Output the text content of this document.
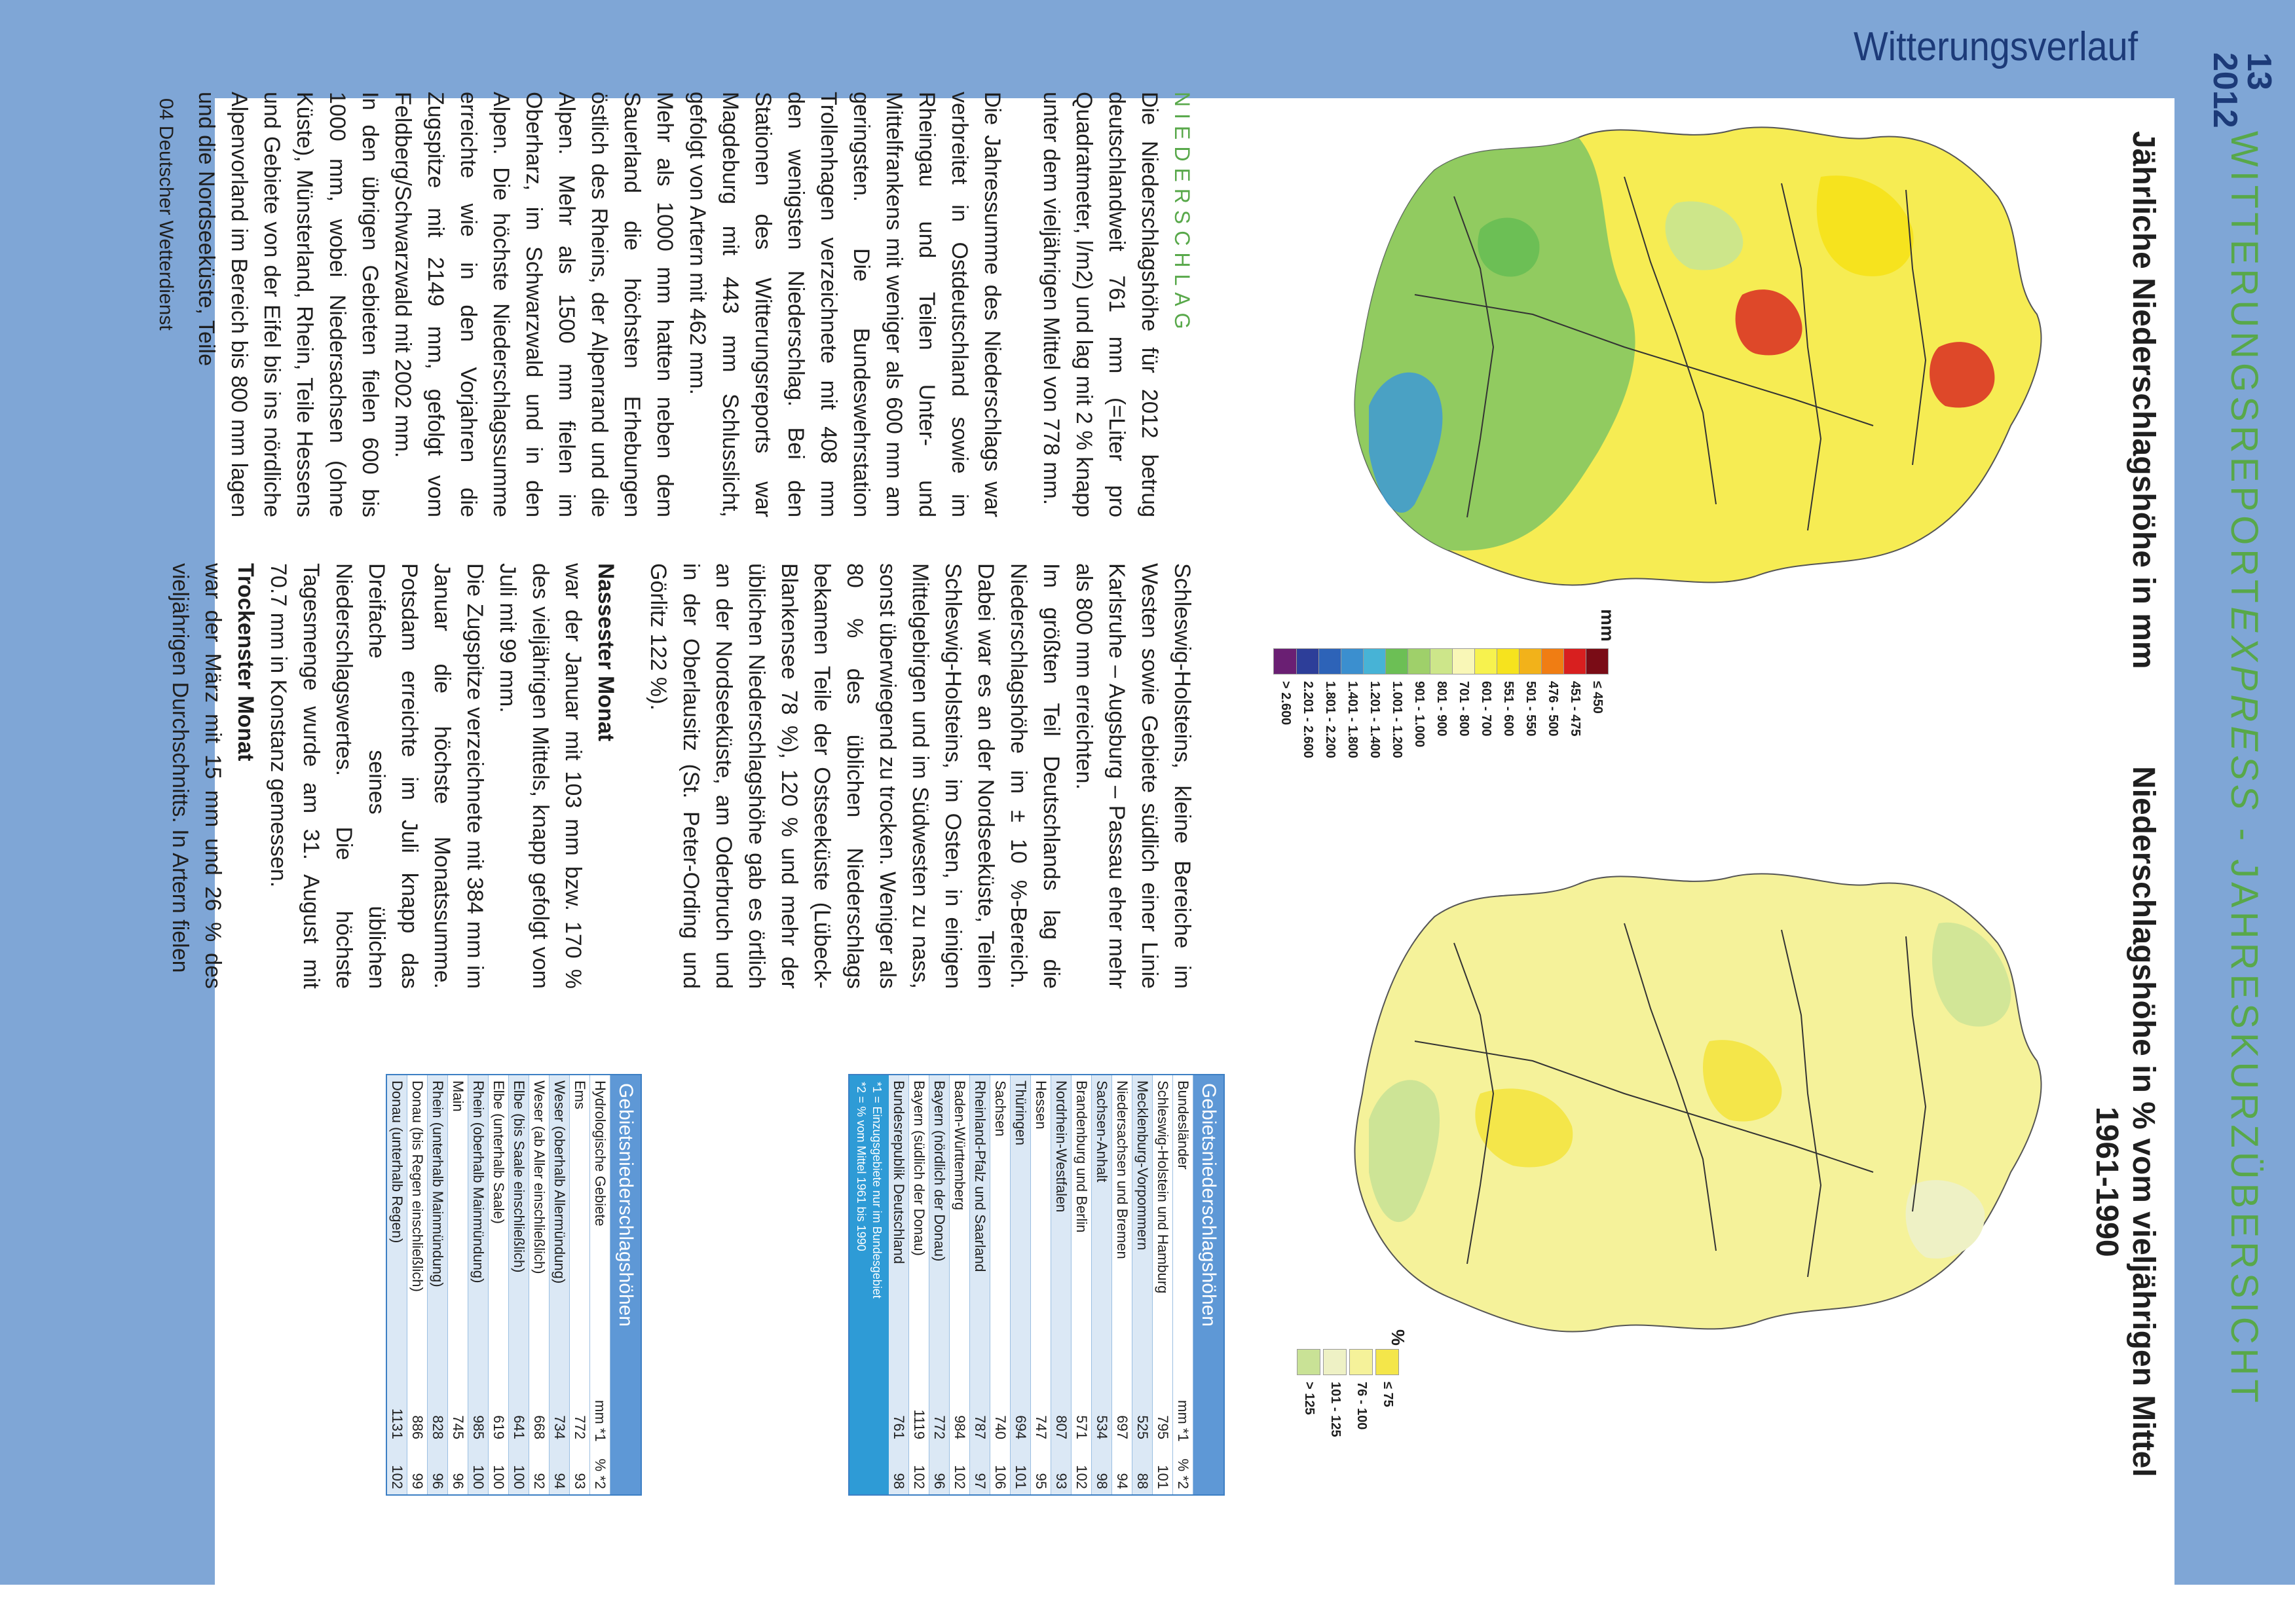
WITTERUNGSREPORTEXPRESS - JAHRESKURZÜBERSICHT
13
2012
Witterungsverlauf
Jährliche Niederschlagshöhe in mm
Niederschlagshöhe in % vom vieljährigen Mittel
1961-1990
mm
≤ 450
451 - 475
476 - 500
501 - 550
551 - 600
601 - 700
701 - 800
801 - 900
901 - 1.000
1.001 - 1.200
1.201 - 1.400
1.401 - 1.800
1.801 - 2.200
2.201 - 2.600
> 2.600
%
≤ 75
76 - 100
101 - 125
> 125

NIEDERSCHLAG

Die Niederschlagshöhe für 2012 betrug deutschlandweit 761 mm (=Liter pro Quadratmeter, l/m2) und lag mit 2 % knapp unter dem vieljährigen Mittel von 778 mm.

Die Jahressumme des Niederschlags war verbreitet in Ostdeutschland sowie im Rheingau und Teilen Unter- und Mittelfrankens mit weniger als 600 mm am geringsten. Die Bundeswehrstation Trollenhagen verzeichnete mit 408 mm den wenigsten Niederschlag. Bei den Stationen des Witterungsreports war Magdeburg mit 443 mm Schlusslicht, gefolgt von Artern mit 462 mm.

Mehr als 1000 mm hatten neben dem Sauerland die höchsten Erhebungen östlich des Rheins, der Alpenrand und die Alpen. Mehr als 1500 mm fielen im Oberharz, im Schwarzwald und in den Alpen. Die höchste Niederschlagssumme erreichte wie in den Vorjahren die Zugspitze mit 2149 mm, gefolgt vom Feldberg/Schwarzwald mit 2002 mm.

In den übrigen Gebieten fielen 600 bis 1000 mm, wobei Niedersachsen (ohne Küste), Münsterland, Rhein, Teile Hessens und Gebiete von der Eifel bis ins nördliche Alpenvorland im Bereich bis 800 mm lagen und die Nordseeküste, Teile

Schleswig-Holsteins, kleine Bereiche im Westen sowie Gebiete südlich einer Linie Karlsruhe – Augsburg – Passau eher mehr als 800 mm erreichten.

Im größten Teil Deutschlands lag die Niederschlagshöhe im ± 10 %-Bereich. Dabei war es an der Nordseeküste, Teilen Schleswig-Holsteins, im Osten, in einigen Mittelgebirgen und im Südwesten zu nass, sonst überwiegend zu trocken. Weniger als 80 % des üblichen Niederschlags bekamen Teile der Ostseeküste (Lübeck-Blankensee 78 %), 120 % und mehr der üblichen Niederschlagshöhe gab es örtlich an der Nordseeküste, am Oderbruch und in der Oberlausitz (St. Peter-Ording und Görlitz 122 %).

Nassester Monat

war der Januar mit 103 mm bzw. 170 % des vieljährigen Mittels, knapp gefolgt vom Juli mit 99 mm.

Die Zugspitze verzeichnete mit 384 mm im Januar die höchste Monatssumme. Potsdam erreichte im Juli knapp das Dreifache seines üblichen Niederschlagswertes. Die höchste Tagesmenge wurde am 31. August mit 70.7 mm in Konstanz gemessen.

Trockenster Monat

war der März mit 15 mm und 26 % des vieljährigen Durchschnitts. In Artern fielen

Gebietsniederschlagshöhen
Bundesländer
mm *1
% *2
Schleswig-Holstein und Hamburg
795
101
Mecklenburg-Vorpommern
525
88
Niedersachsen und Bremen
697
94
Sachsen-Anhalt
534
98
Brandenburg und Berlin
571
102
Nordrhein-Westfalen
807
93
Hessen
747
95
Thüringen
694
101
Sachsen
740
106
Rheinland-Pfalz und Saarland
787
97
Baden-Württemberg
984
102
Bayern (nördlich der Donau)
772
96
Bayern (südlich der Donau)
1119
102
Bundesrepublik Deutschland
761
98
*1 = Einzugsgebiete nur im Bundesgebiet
*2 = % vom Mittel 1961 bis 1990
Gebietsniederschlagshöhen
Hydrologische Gebiete
mm *1
% *2
Ems
772
93
Weser (oberhalb Allermündung)
734
94
Weser (ab Aller einschließlich)
668
92
Elbe (bis Saale einschließlich)
641
100
Elbe (unterhalb Saale)
619
100
Rhein (oberhalb Mainmündung)
985
100
Main
745
96
Rhein (unterhalb Mainmündung)
828
96
Donau (bis Regen einschließlich)
886
99
Donau (unterhalb Regen)
1131
102
04 Deutscher Wetterdienst
